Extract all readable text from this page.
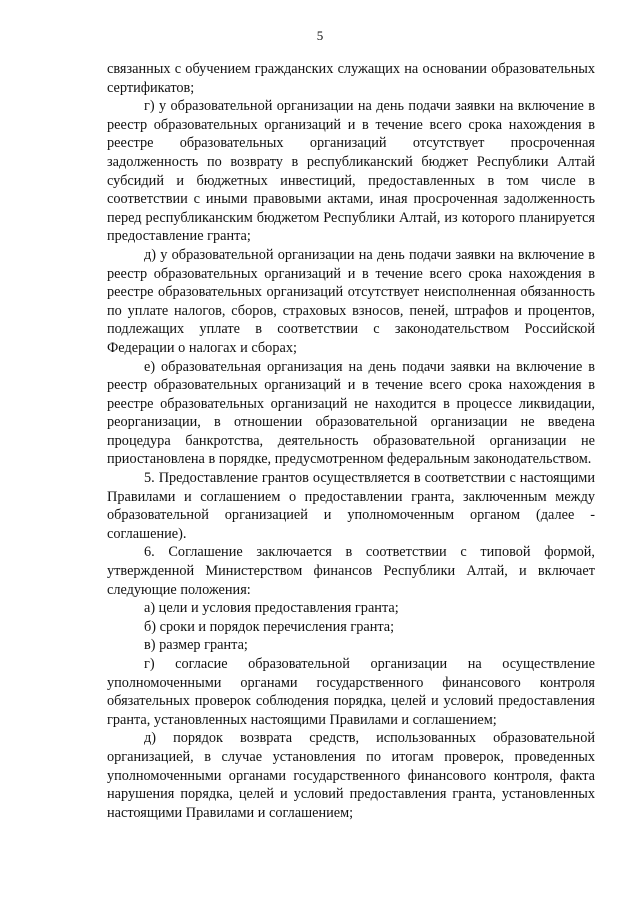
5

связанных с обучением гражданских служащих на основании образовательных сертификатов;

г) у образовательной организации на день подачи заявки на включение в реестр образовательных организаций и в течение всего срока нахождения в реестре образовательных организаций отсутствует просроченная задолженность по возврату в республиканский бюджет Республики Алтай субсидий и бюджетных инвестиций, предоставленных в том числе в соответствии с иными правовыми актами, иная просроченная задолженность перед республиканским бюджетом Республики Алтай, из которого планируется предоставление гранта;

д) у образовательной организации на день подачи заявки на включение в реестр образовательных организаций и в течение всего срока нахождения в реестре образовательных организаций отсутствует неисполненная обязанность по уплате налогов, сборов, страховых взносов, пеней, штрафов и процентов, подлежащих уплате в соответствии с законодательством Российской Федерации о налогах и сборах;

е) образовательная организация на день подачи заявки на включение в реестр образовательных организаций и в течение всего срока нахождения в реестре образовательных организаций не находится в процессе ликвидации, реорганизации, в отношении образовательной организации не введена процедура банкротства, деятельность образовательной организации не приостановлена в порядке, предусмотренном федеральным законодательством.

5. Предоставление грантов осуществляется в соответствии с настоящими Правилами и соглашением о предоставлении гранта, заключенным между образовательной организацией и уполномоченным органом (далее - соглашение).

6. Соглашение заключается в соответствии с типовой формой, утвержденной Министерством финансов Республики Алтай, и включает следующие положения:

а) цели и условия предоставления гранта;

б) сроки и порядок перечисления гранта;

в) размер гранта;

г) согласие образовательной организации на осуществление уполномоченными органами государственного финансового контроля обязательных проверок соблюдения порядка, целей и условий предоставления гранта, установленных настоящими Правилами и соглашением;

д) порядок возврата средств, использованных образовательной организацией, в случае установления по итогам проверок, проведенных уполномоченными органами государственного финансового контроля, факта нарушения порядка, целей и условий предоставления гранта, установленных настоящими Правилами и соглашением;
